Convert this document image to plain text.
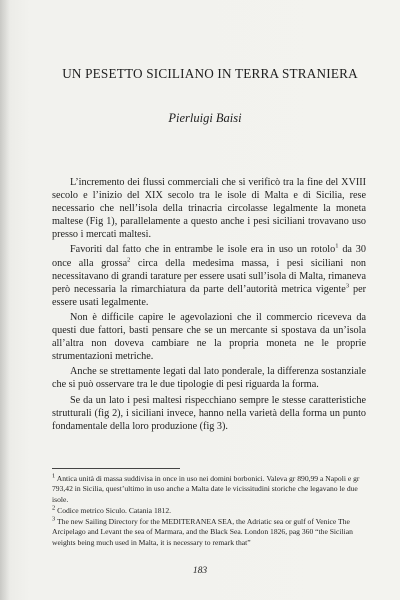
UN PESETTO SICILIANO IN TERRA STRANIERA
Pierluigi Baisi

L’incremento dei flussi commerciali che si verificò tra la fine del XVIII secolo e l’inizio del XIX secolo tra le isole di Malta e di Sicilia, rese necessario che nell’isola della trinacria circolasse legalmente la moneta maltese (Fig 1), parallelamente a questo anche i pesi siciliani trovavano uso presso i mercati maltesi.

Favoriti dal fatto che in entrambe le isole era in uso un rotolo$^1$ da 30 once alla grossa$^2$ circa della medesima massa, i pesi siciliani non necessitavano di grandi tarature per essere usati sull’isola di Malta, rimaneva però necessaria la rimarchiatura da parte dell’autorità metrica vigente$^3$ per essere usati legalmente.

Non è difficile capire le agevolazioni che il commercio riceveva da questi due fattori, basti pensare che se un mercante si spostava da un’isola all’altra non doveva cambiare ne la propria moneta ne le proprie strumentazioni metriche.

Anche se strettamente legati dal lato ponderale, la differenza sostanziale che si può osservare tra le due tipologie di pesi riguarda la forma.

Se da un lato i pesi maltesi rispecchiano sempre le stesse caratteristiche strutturali (fig 2), i siciliani invece, hanno nella varietà della forma un punto fondamentale della loro produzione (fig 3).

$^1$ Antica unità di massa suddivisa in once in uso nei domini borbonici. Valeva gr 890,99 a Napoli e gr 793,42 in Sicilia, quest’ultimo in uso anche a Malta date le vicissitudini storiche che legavano le due isole.

$^2$ Codice metrico Siculo. Catania 1812.

$^3$ The new Sailing Directory for the MEDITERANEA SEA, the Adriatic sea or gulf of Venice The Arcipelago and Levant the sea of Marmara, and the Black Sea. London 1826, pag 360 “the Sicilian weights being much used in Malta, it is necessary to remark that”

183
